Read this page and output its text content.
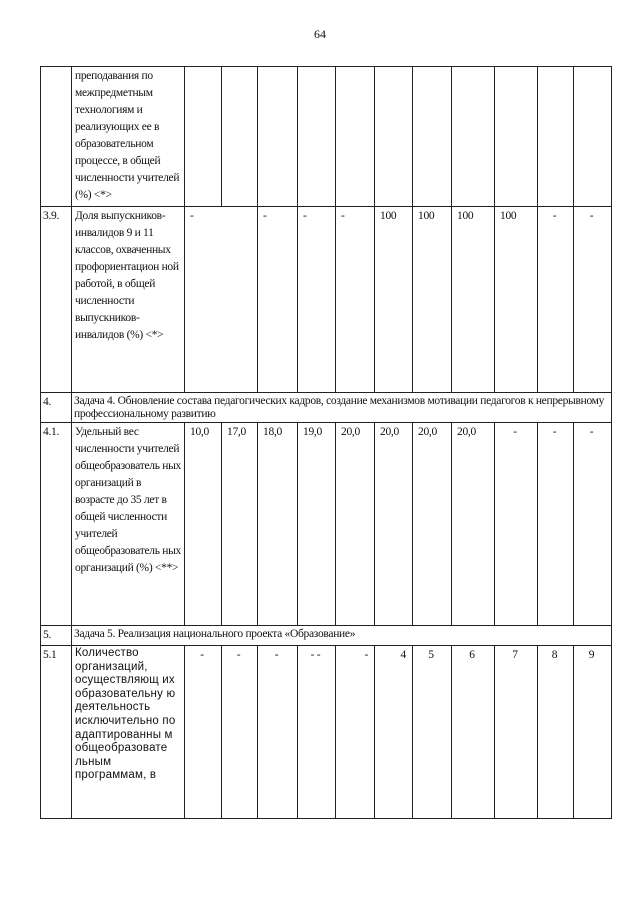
64
	преподавания по межпредметным технологиям и реализующих ее в образовательном процессе, в общей численности учителей (%) <*>												
3.9.	Доля выпускников-инвалидов 9 и 11 классов, охваченных профориентацион ной работой, в общей численности выпускников-инвалидов (%) <*>	-		-	-	-	100	100	100	100	-	-	
4.	Задача 4. Обновление состава педагогических кадров, создание механизмов мотивации педагогов к непрерывному профессиональному развитию												
4.1.	Удельный вес численности учителей общеобразователь ных организаций в возрасте до 35 лет в общей численности учителей общеобразователь ных организаций (%) <**>	10,0	17,0	18,0	19,0	20,0	20,0	20,0	20,0	-	-	-	
5.	Задача 5. Реализация национального проекта «Образование»												
5.1	Количество организаций, осуществляющ их образовательну ю деятельность исключительно по адаптированны м общеобразовате льным программам, в	-	-	-	- -	-	4	5	6	7	8	9	
